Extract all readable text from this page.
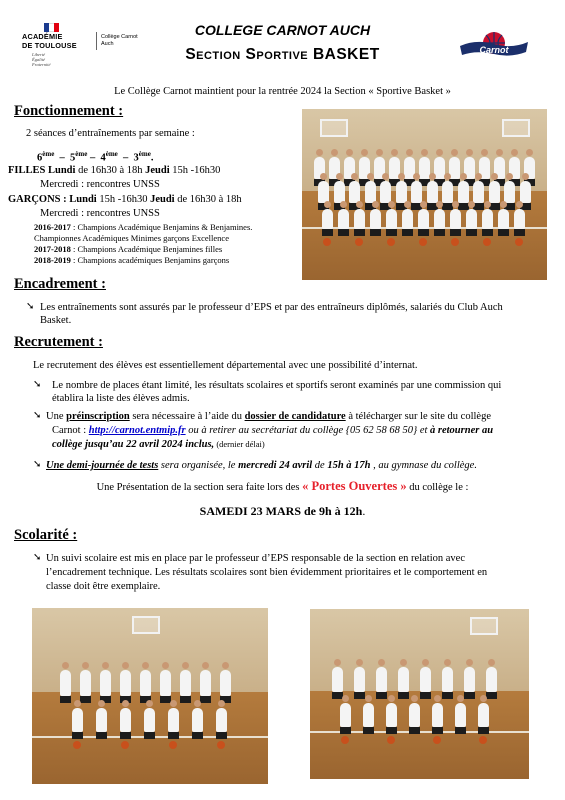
ACADÉMIE
DE TOULOUSE
Liberté
Égalité
Fraternité
Collège Carnot
Auch
COLLEGE CARNOT AUCH
Section Sportive BASKET	Carnot
Le Collège Carnot maintient pour la rentrée 2024 la Section « Sportive Basket »
Fonctionnement :
2 séances d’entraînements par semaine :
6ème  –  5ème –  4ème  –  3ème.
FILLES Lundi de 16h30 à 18h Jeudi 15h -16h30
Mercredi : rencontres UNSS
GARÇONS : Lundi 15h -16h30 Jeudi de 16h30 à 18h
Mercredi : rencontres UNSS
2016-2017 : Champions Académique Benjamins & Benjamines.
Championnes Académiques Minimes garçons Excellence
2017-2018 : Champions Académique Benjamines filles
2018-2019 : Champions académiques Benjamins garçons
Encadrement :
➘ Les entraînements sont assurés par le professeur d’EPS et par des entraîneurs diplômés, salariés du Club Auch
Basket.
Recrutement :
Le recrutement des élèves est essentiellement départemental avec une possibilité d’internat.
➘ Le nombre de places étant limité, les résultats scolaires et sportifs seront examinés par une commission qui
établira la liste des élèves admis.
➘ Une préinscription sera nécessaire à l’aide du dossier de candidature à télécharger sur le site du collège
Carnot : http://carnot.entmip.fr ou à retirer au secrétariat du collège {05 62 58 68 50} et à retourner au
collège jusqu’au 22 avril 2024 inclus, (dernier délai)
➘ Une demi-journée de tests sera organisée, le mercredi 24 avril de 15h à 17h , au gymnase du collège.
Une Présentation de la section sera faite lors des « Portes Ouvertes » du collège le :
SAMEDI 23 MARS de 9h à 12h.
Scolarité :
➘ Un suivi scolaire est mis en place par le professeur d’EPS responsable de la section en relation avec
l’encadrement technique. Les résultats scolaires sont bien évidemment prioritaires et le comportement en
classe doit être exemplaire.
